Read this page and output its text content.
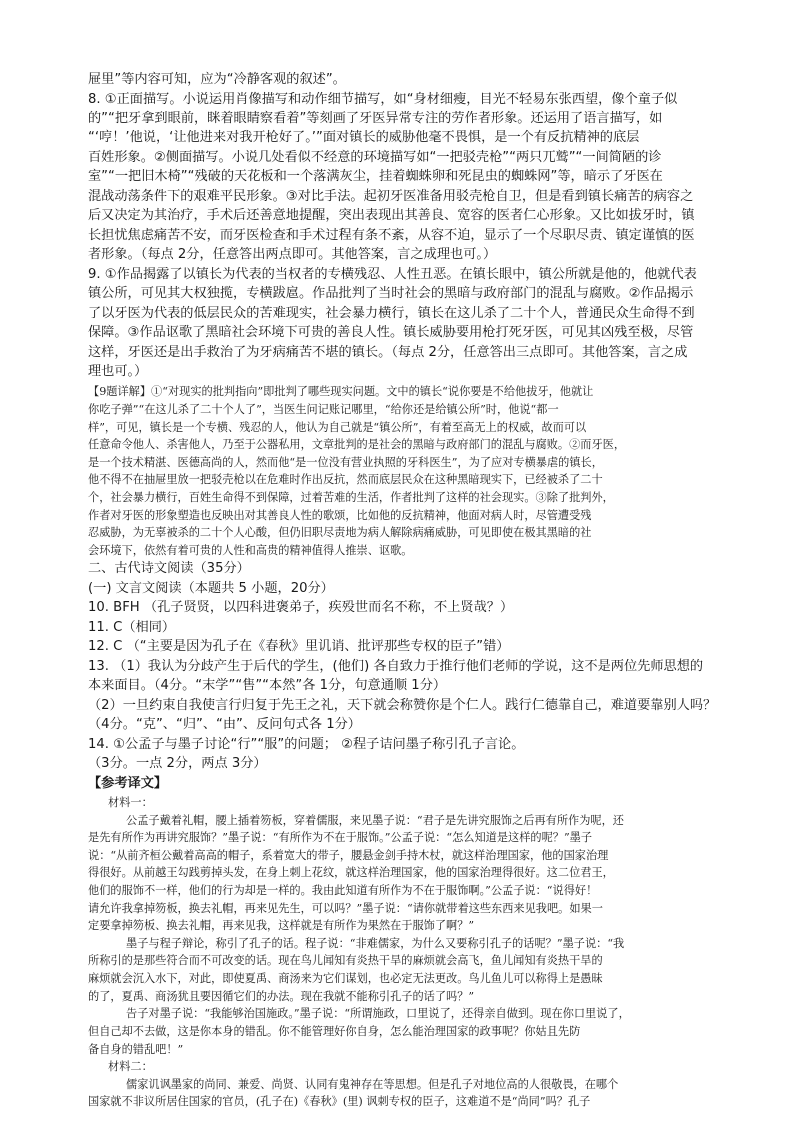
屉里”等内容可知，应为“冷静客观的叙述”。
8. ①正面描写。小说运用肖像描写和动作细节描写，如“身材细瘦，目光不轻易东张西望，像个童子似
的”“把牙拿到眼前，眯着眼睛察看着”等刻画了牙医异常专注的劳作者形象。还运用了语言描写，如
“‘哼！’他说，‘让他进来对我开枪好了。’”面对镇长的威胁他毫不畏惧，是一个有反抗精神的底层
百姓形象。②侧面描写。小说几处看似不经意的环境描写如“一把驳壳枪”“两只兀鹫”“一间简陋的诊
室”“一把旧木椅”“残破的天花板和一个落满灰尘，挂着蜘蛛卵和死昆虫的蜘蛛网”等，暗示了牙医在
混战动荡条件下的艰难平民形象。③对比手法。起初牙医准备用驳壳枪自卫，但是看到镇长痛苦的病容之
后又决定为其治疗，手术后还善意地提醒，突出表现出其善良、宽容的医者仁心形象。又比如拔牙时，镇
长担忧焦虑痛苦不安，而牙医检查和手术过程有条不紊，从容不迫，显示了一个尽职尽责、镇定谨慎的医
者形象。（每点 2分，任意答出两点即可。其他答案，言之成理也可。）
9. ①作品揭露了以镇长为代表的当权者的专横残忍、人性丑恶。在镇长眼中，镇公所就是他的，他就代表
镇公所，可见其大权独揽，专横跋扈。作品批判了当时社会的黑暗与政府部门的混乱与腐败。②作品揭示
了以牙医为代表的低层民众的苦难现实，社会暴力横行，镇长在这儿杀了二十个人，普通民众生命得不到
保障。③作品讴歌了黑暗社会环境下可贵的善良人性。镇长威胁要用枪打死牙医，可见其凶残至极，尽管
这样，牙医还是出手救治了为牙病痛苦不堪的镇长。（每点 2分，任意答出三点即可。其他答案，言之成
理也可。）
【9题详解】①“对现实的批判指向”即批判了哪些现实问题。文中的镇长“说你要是不给他拔牙，他就让
你吃子弹”“在这儿杀了二十个人了”，当医生问记账记哪里，“给你还是给镇公所”时，他说“都一
样”，可见，镇长是一个专横、残忍的人，他认为自己就是“镇公所”，有着至高无上的权威，故而可以
任意命令他人、杀害他人，乃至于公器私用，文章批判的是社会的黑暗与政府部门的混乱与腐败。②而牙医，
是一个技术精湛、医德高尚的人，然而他“是一位没有营业执照的牙科医生”，为了应对专横暴虐的镇长，
他不得不在抽屉里放一把驳壳枪以在危难时作出反抗，然而底层民众在这种黑暗现实下，已经被杀了二十
个，社会暴力横行，百姓生命得不到保障，过着苦难的生活，作者批判了这样的社会现实。③除了批判外，
作者对牙医的形象塑造也反映出对其善良人性的歌颂，比如他的反抗精神，他面对病人时，尽管遭受残
忍威胁，为无辜被杀的二十个人心酸，但仍旧职尽责地为病人解除病痛威胁，可见即使在极其黑暗的社
会环境下，依然有着可贵的人性和高贵的精神值得人推崇、讴歌。
二、古代诗文阅读（35分）
(一) 文言文阅读（本题共 5 小题，20分）
10. BFH （孔子贤贤，以四科进褒弟子，疾殁世而名不称，不上贤哉？）
11. C（相同）
12. C （“主要是因为孔子在《春秋》里讥诮、批评那些专权的臣子”错）
13. （1）我认为分歧产生于后代的学生，(他们) 各自致力于推行他们老师的学说，这不是两位先师思想的
本来面目。（4分。“末学”“售”“本然”各 1分，句意通顺 1分）
（2）一旦约束自我使言行归复于先王之礼，天下就会称赞你是个仁人。践行仁德靠自己，难道要靠别人吗？
（4分。“克”、“归”、“由”、反问句式各 1分）
14. ①公孟子与墨子讨论“行”“服”的问题； ②程子诘问墨子称引孔子言论。
（3分。一点 2分，两点 3分）
【参考译文】
材料一：
公孟子戴着礼帽，腰上插着笏板，穿着儒服，来见墨子说：“君子是先讲究服饰之后再有所作为呢，还
是先有所作为再讲究服饰？”墨子说：“有所作为不在于服饰。”公孟子说：“怎么知道是这样的呢？”墨子
说：“从前齐桓公戴着高高的帽子，系着宽大的带子，腰悬金剑手持木杖，就这样治理国家，他的国家治理
得很好。从前越王勾践剪掉头发，在身上刺上花纹，就这样治理国家，他的国家治理得很好。这二位君王，
他们的服饰不一样，他们的行为却是一样的。我由此知道有所作为不在于服饰啊。”公孟子说：“说得好！
请允许我拿掉笏板，换去礼帽，再来见先生，可以吗？”墨子说：“请你就带着这些东西来见我吧。如果一
定要拿掉笏板、换去礼帽，再来见我，这样就是有所作为果然在于服饰了啊？”
墨子与程子辩论，称引了孔子的话。程子说：“非难儒家，为什么又要称引孔子的话呢？”墨子说：“我
所称引的是那些符合而不可改变的话。现在鸟儿闻知有炎热干旱的麻烦就会高飞，鱼儿闻知有炎热干旱的
麻烦就会沉入水下，对此，即使夏禹、商汤来为它们谋划，也必定无法更改。鸟儿鱼儿可以称得上是愚昧
的了，夏禹、商汤犹且要因循它们的办法。现在我就不能称引孔子的话了吗？”
告子对墨子说：“我能够治国施政。”墨子说：“所谓施政，口里说了，还得亲自做到。现在你口里说了，
但自己却不去做，这是你本身的错乱。你不能管理好你自身，怎么能治理国家的政事呢？你姑且先防
备自身的错乱吧！”
材料二：
儒家讥讽墨家的尚同、兼爱、尚贤、认同有鬼神存在等思想。但是孔子对地位高的人很敬畏，在哪个
国家就不非议所居住国家的官员，(孔子在)《春秋》(里) 讽刺专权的臣子，这难道不是“尚同”吗？孔子
